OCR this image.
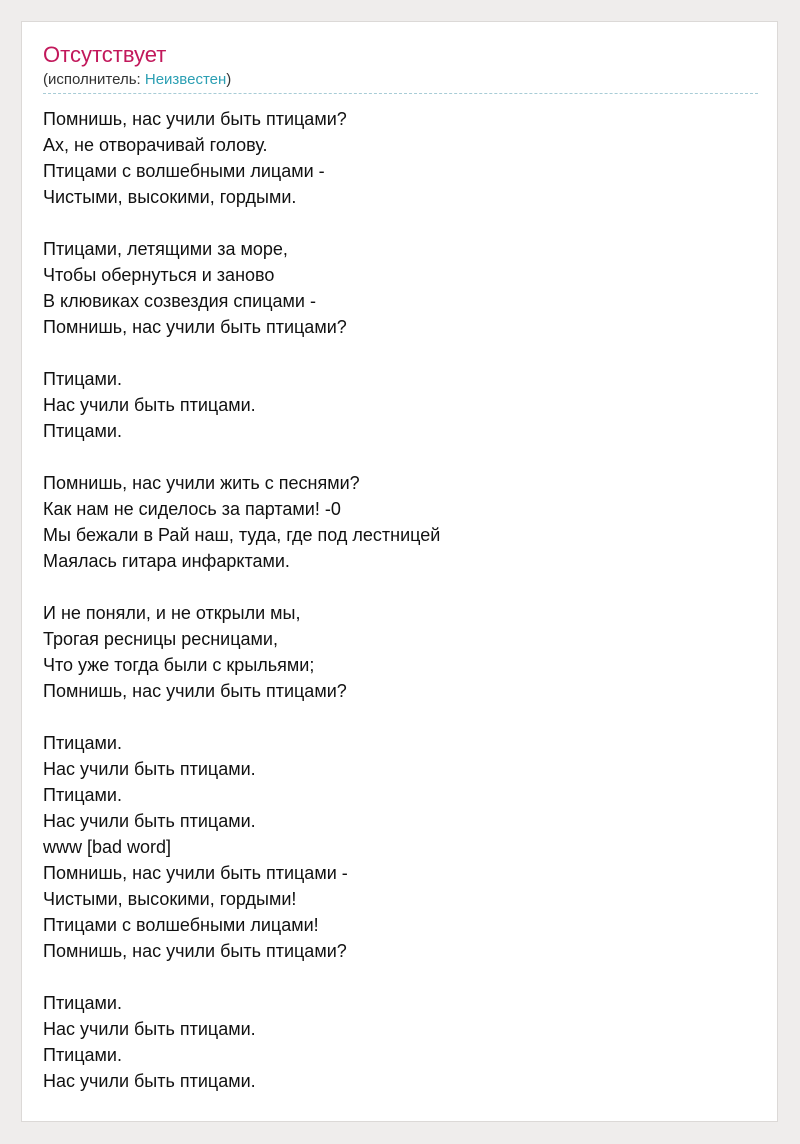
Отсутствует
(исполнитель: Неизвестен)
Помнишь, нас учили быть птицами?
Ах, не отворачивай голову.
Птицами с волшебными лицами -
Чистыми, высокими, гордыми.
Птицами, летящими за море,
Чтобы обернуться и заново
В клювиках созвездия спицами -
Помнишь, нас учили быть птицами?
Птицами.
Нас учили быть птицами.
Птицами.
Помнишь, нас учили жить с песнями?
Как нам не сиделось за партами! -0
Мы бежали в Рай наш, туда, где под лестницей
Маялась гитара инфарктами.
И не поняли, и не открыли мы,
Трогая ресницы ресницами,
Что уже тогда были с крыльями;
Помнишь, нас учили быть птицами?
Птицами.
Нас учили быть птицами.
Птицами.
Нас учили быть птицами.
www [bad word]
Помнишь, нас учили быть птицами -
Чистыми, высокими, гордыми!
Птицами с волшебными лицами!
Помнишь, нас учили быть птицами?
Птицами.
Нас учили быть птицами.
Птицами.
Нас учили быть птицами.
